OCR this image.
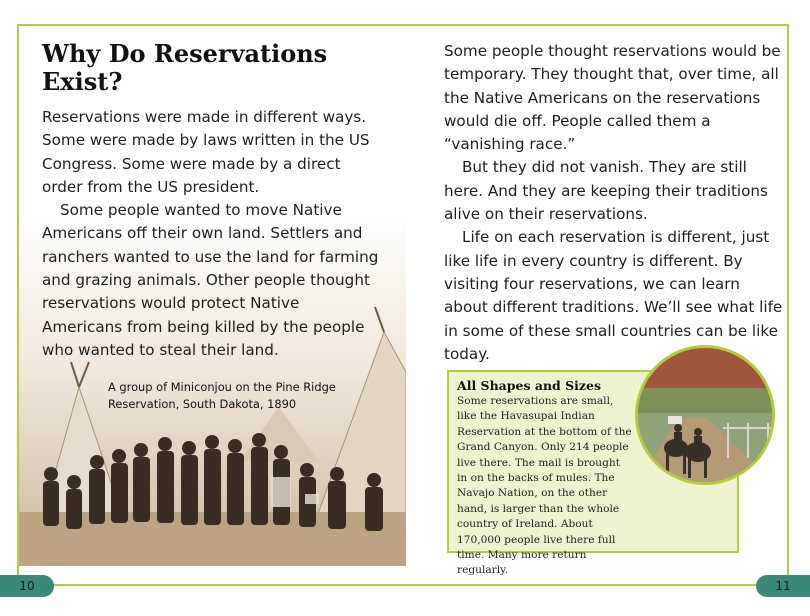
Why Do Reservations Exist?

Reservations were made in different ways. Some were made by laws written in the US Congress. Some were made by a direct order from the US president.

Some people wanted to move Native Americans off their own land. Settlers and ranchers wanted to use the land for farming and grazing animals. Other people thought reservations would protect Native Americans from being killed by the people who wanted to steal their land.

A group of Miniconjou on the Pine Ridge Reservation, South Dakota, 1890

Some people thought reservations would be temporary. They thought that, over time, all the Native Americans on the reservations would die off. People called them a “vanishing race.”

But they did not vanish. They are still here. And they are keeping their traditions alive on their reservations.

Life on each reservation is different, just like life in every country is different. By visiting four reservations, we can learn about different traditions. We’ll see what life in some of these small countries can be like today.

All Shapes and Sizes
Some reservations are small, like the Havasupai Indian Reservation at the bottom of the Grand Canyon. Only 214 people live there. The mail is brought in on the backs of mules. The Navajo Nation, on the other hand, is larger than the whole country of Ireland. About 170,000 people live there full time. Many more return regularly.
10	11
